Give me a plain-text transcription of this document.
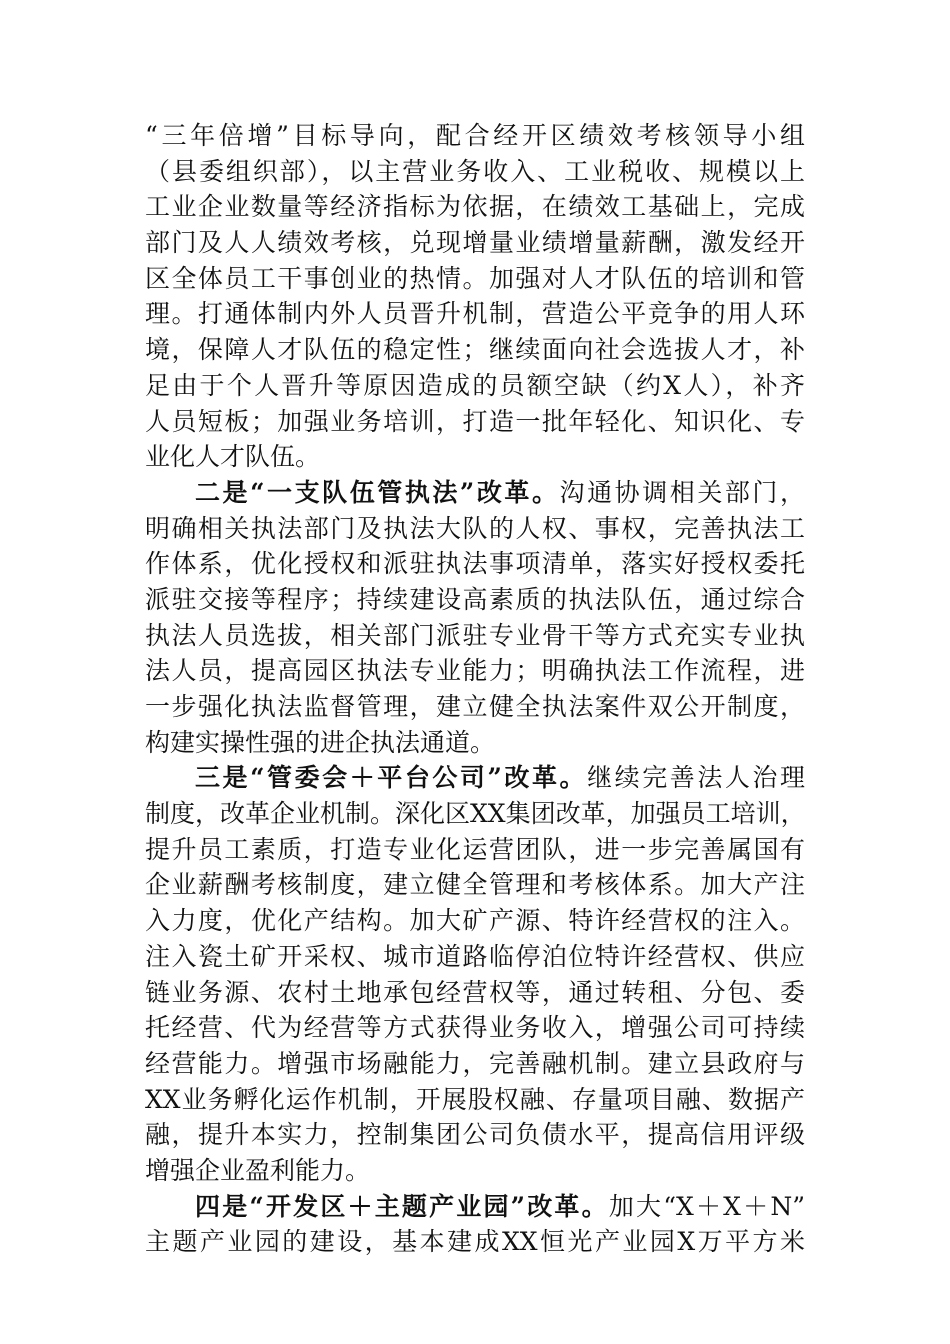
“三年倍增”目标导向，配合经开区绩效考核领导小组
（县委组织部），以主营业务收入、工业税收、规模以上
工业企业数量等经济指标为依据，在绩效工基础上，完成
部门及人人绩效考核，兑现增量业绩增量薪酬，激发经开
区全体员工干事创业的热情。加强对人才队伍的培训和管
理。打通体制内外人员晋升机制，营造公平竞争的用人环
境，保障人才队伍的稳定性；继续面向社会选拔人才，补
足由于个人晋升等原因造成的员额空缺（约X人），补齐
人员短板；加强业务培训，打造一批年轻化、知识化、专
业化人才队伍。
二是“一支队伍管执法”改革。沟通协调相关部门，
明确相关执法部门及执法大队的人权、事权，完善执法工
作体系，优化授权和派驻执法事项清单，落实好授权委托
派驻交接等程序；持续建设高素质的执法队伍，通过综合
执法人员选拔，相关部门派驻专业骨干等方式充实专业执
法人员，提高园区执法专业能力；明确执法工作流程，进
一步强化执法监督管理，建立健全执法案件双公开制度，
构建实操性强的进企执法通道。
三是“管委会＋平台公司”改革。继续完善法人治理
制度，改革企业机制。深化区XX集团改革，加强员工培训，
提升员工素质，打造专业化运营团队，进一步完善属国有
企业薪酬考核制度，建立健全管理和考核体系。加大产注
入力度，优化产结构。加大矿产源、特许经营权的注入。
注入瓷土矿开采权、城市道路临停泊位特许经营权、供应
链业务源、农村土地承包经营权等，通过转租、分包、委
托经营、代为经营等方式获得业务收入，增强公司可持续
经营能力。增强市场融能力，完善融机制。建立县政府与
XX业务孵化运作机制，开展股权融、存量项目融、数据产
融，提升本实力，控制集团公司负债水平，提高信用评级
增强企业盈利能力。
四是“开发区＋主题产业园”改革。加大“X＋X＋N”
主题产业园的建设，基本建成XX恒光产业园X万平方米
